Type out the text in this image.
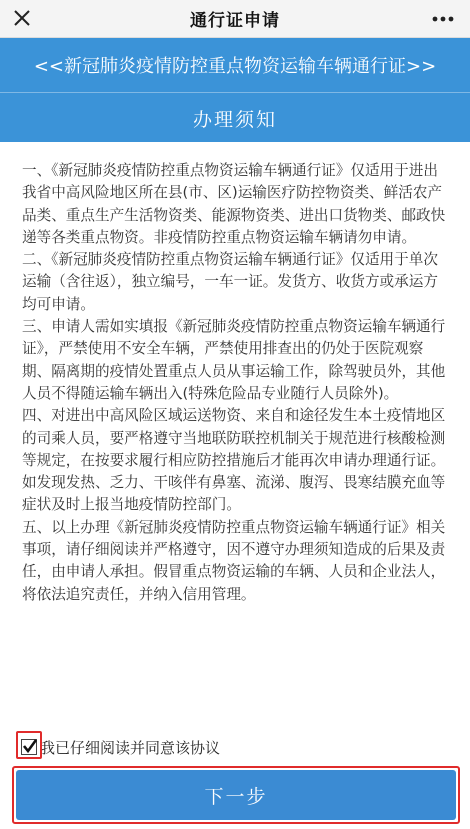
通行证申请
<<新冠肺炎疫情防控重点物资运输车辆通行证>>
办理须知

一、《新冠肺炎疫情防控重点物资运输车辆通行证》仅适用于进出我省中高风险地区所在县(市、区)运输医疗防控物资类、鲜活农产品类、重点生产生活物资类、能源物资类、进出口货物类、邮政快递等各类重点物资。非疫情防控重点物资运输车辆请勿申请。

二、《新冠肺炎疫情防控重点物资运输车辆通行证》仅适用于单次运输（含往返），独立编号，一车一证。发货方、收货方或承运方均可申请。

三、申请人需如实填报《新冠肺炎疫情防控重点物资运输车辆通行证》，严禁使用不安全车辆，严禁使用排查出的仍处于医院观察期、隔离期的疫情处置重点人员从事运输工作，除驾驶员外，其他人员不得随运输车辆出入(特殊危险品专业随行人员除外)。

四、对进出中高风险区域运送物资、来自和途径发生本土疫情地区的司乘人员，要严格遵守当地联防联控机制关于规范进行核酸检测等规定，在按要求履行相应防控措施后才能再次申请办理通行证。如发现发热、乏力、干咳伴有鼻塞、流涕、腹泻、畏寒结膜充血等症状及时上报当地疫情防控部门。

五、以上办理《新冠肺炎疫情防控重点物资运输车辆通行证》相关事项，请仔细阅读并严格遵守，因不遵守办理须知造成的后果及责任，由申请人承担。假冒重点物资运输的车辆、人员和企业法人，将依法追究责任，并纳入信用管理。

我已仔细阅读并同意该协议
下一步
